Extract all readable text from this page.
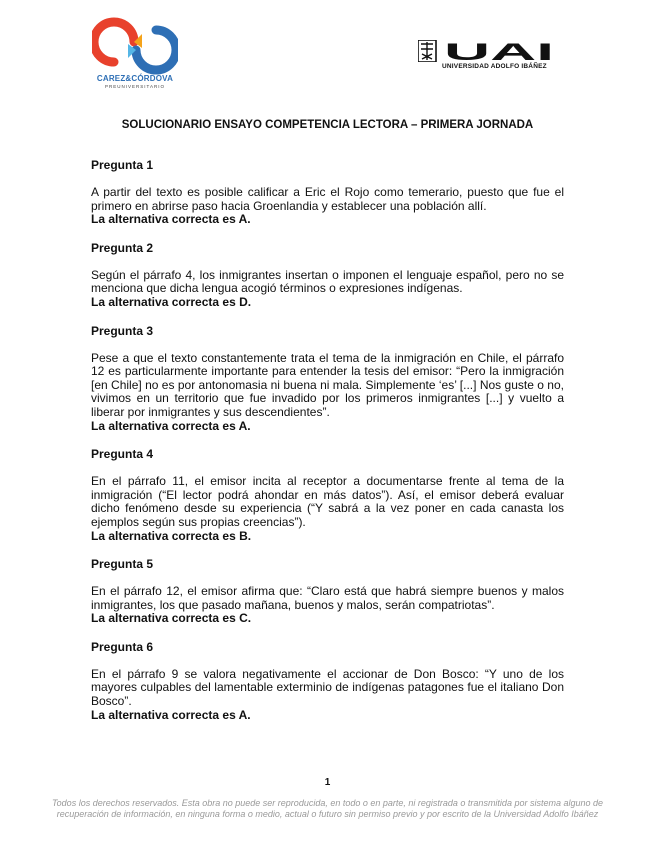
CAREZ&CÓRDOVA
PREUNIVERSITARIO
UAI
UNIVERSIDAD ADOLFO IBÁÑEZ
SOLUCIONARIO ENSAYO COMPETENCIA LECTORA – PRIMERA JORNADA

Pregunta 1

A partir del texto es posible calificar a Eric el Rojo como temerario, puesto que fue el primero en abrirse paso hacia Groenlandia y establecer una población allí.

La alternativa correcta es A.

Pregunta 2

Según el párrafo 4, los inmigrantes insertan o imponen el lenguaje español, pero no se menciona que dicha lengua acogió términos o expresiones indígenas.

La alternativa correcta es D.

Pregunta 3

Pese a que el texto constantemente trata el tema de la inmigración en Chile, el párrafo 12 es particularmente importante para entender la tesis del emisor: “Pero la inmigración [en Chile] no es por antonomasia ni buena ni mala. Simplemente ‘es’ [...] Nos guste o no, vivimos en un territorio que fue invadido por los primeros inmigrantes [...] y vuelto a liberar por inmigrantes y sus descendientes”.

La alternativa correcta es A.

Pregunta 4

En el párrafo 11, el emisor incita al receptor a documentarse frente al tema de la inmigración (“El lector podrá ahondar en más datos”). Así, el emisor deberá evaluar dicho fenómeno desde su experiencia (“Y sabrá a la vez poner en cada canasta los ejemplos según sus propias creencias”).

La alternativa correcta es B.

Pregunta 5

En el párrafo 12, el emisor afirma que: “Claro está que habrá siempre buenos y malos inmigrantes, los que pasado mañana, buenos y malos, serán compatriotas”.

La alternativa correcta es C.

Pregunta 6

En el párrafo 9 se valora negativamente el accionar de Don Bosco: “Y uno de los mayores culpables del lamentable exterminio de indígenas patagones fue el italiano Don Bosco”.

La alternativa correcta es A.

1
Todos los derechos reservados. Esta obra no puede ser reproducida, en todo o en parte, ni registrada o transmitida por sistema alguno de recuperación de información, en ninguna forma o medio, actual o futuro sin permiso previo y por escrito de la Universidad Adolfo Ibáñez
